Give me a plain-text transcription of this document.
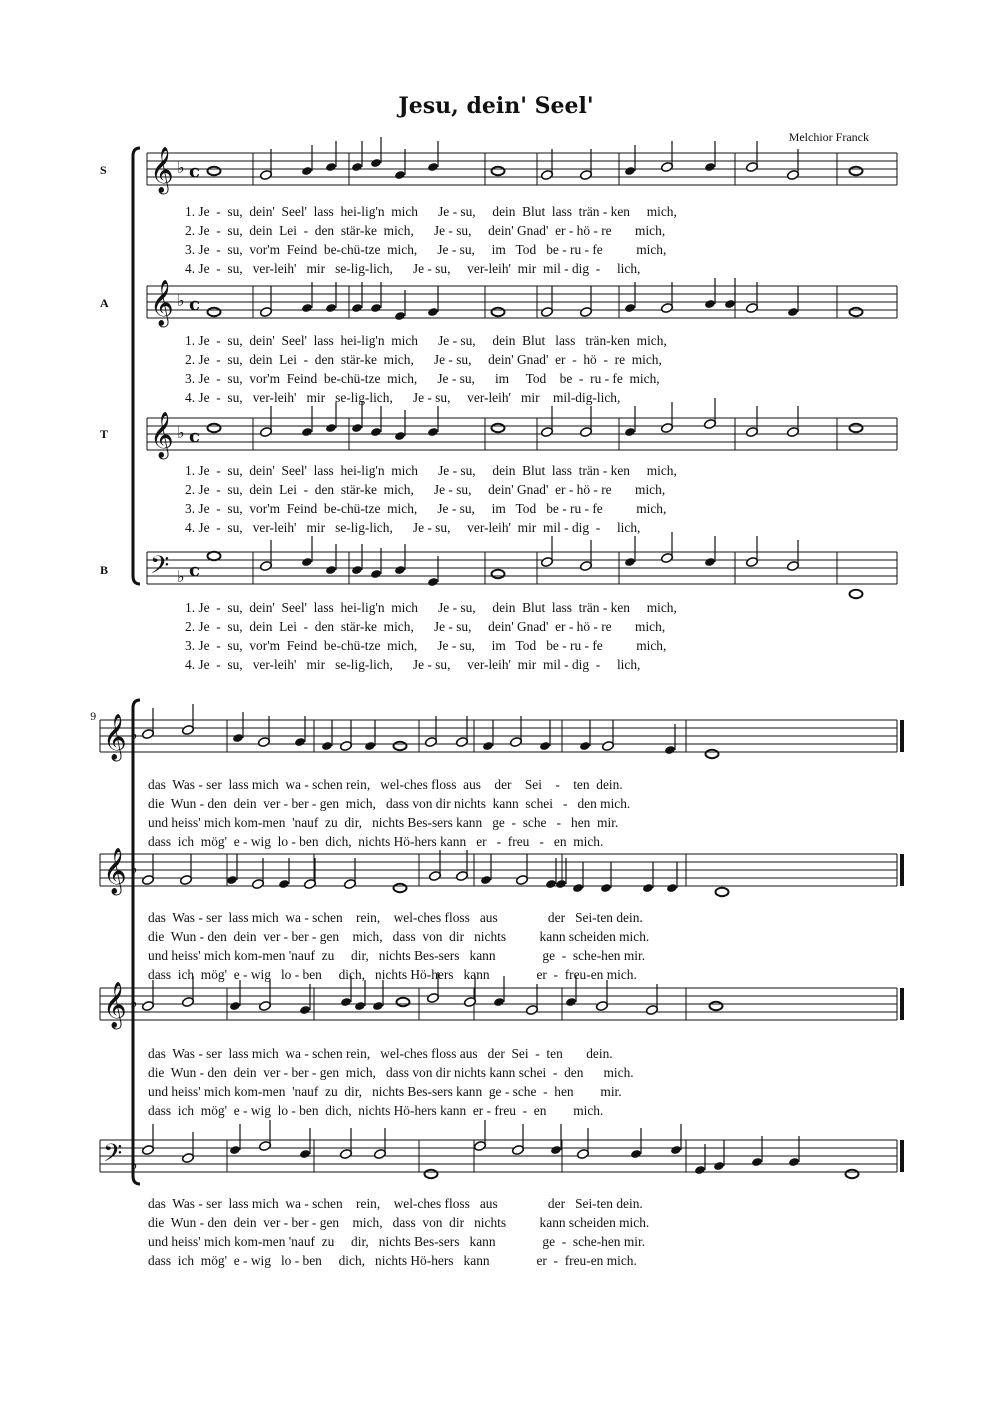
Jesu, dein' Seel'
Melchior Franck
S
A
T
B
𝄞 ♭ c
𝄞 ♭ c
𝄞 ♭ c
𝄢 ♭ c
𝄞 ♭
𝄞 ♭
𝄞 ♭
𝄢 ♭
9
1. Je  -  su,  dein'  Seel'  lass  hei-lig'n  mich      Je - su,     dein  Blut  lass  trän - ken     mich,
2. Je  -  su,  dein  Lei  -  den  stär-ke  mich,      Je - su,     dein' Gnad'  er - hö - re       mich,
3. Je  -  su,  vor'm  Feind  be-chü-tze  mich,      Je - su,     im   Tod   be - ru - fe          mich,
4. Je  -  su,   ver-leih'   mir   se-lig-lich,      Je - su,     ver-leih'  mir  mil - dig  -     lich,
1. Je  -  su,  dein'  Seel'  lass  hei-lig'n  mich      Je - su,     dein  Blut   lass   trän-ken  mich,
2. Je  -  su,  dein  Lei  -  den  stär-ke  mich,      Je - su,     dein' Gnad'  er  -  hö  -  re  mich,
3. Je  -  su,  vor'm  Feind  be-chü-tze  mich,      Je - su,      im     Tod    be  -  ru - fe  mich,
4. Je  -  su,   ver-leih'   mir   se-lig-lich,      Je - su,     ver-leih'   mir    mil-dig-lich,
1. Je  -  su,  dein'  Seel'  lass  hei-lig'n  mich      Je - su,     dein  Blut  lass  trän - ken     mich,
2. Je  -  su,  dein  Lei  -  den  stär-ke  mich,      Je - su,     dein' Gnad'  er - hö - re       mich,
3. Je  -  su,  vor'm  Feind  be-chü-tze  mich,      Je - su,     im   Tod   be - ru - fe          mich,
4. Je  -  su,   ver-leih'   mir   se-lig-lich,      Je - su,     ver-leih'  mir  mil - dig  -     lich,
1. Je  -  su,  dein'  Seel'  lass  hei-lig'n  mich      Je - su,     dein  Blut  lass  trän - ken     mich,
2. Je  -  su,  dein  Lei  -  den  stär-ke  mich,      Je - su,     dein' Gnad'  er - hö - re       mich,
3. Je  -  su,  vor'm  Feind  be-chü-tze  mich,      Je - su,     im   Tod   be - ru - fe          mich,
4. Je  -  su,   ver-leih'   mir   se-lig-lich,      Je - su,     ver-leih'  mir  mil - dig  -     lich,
das  Was - ser  lass mich  wa - schen rein,   wel-ches floss  aus    der    Sei    -    ten  dein.
die  Wun - den  dein  ver - ber - gen  mich,   dass von dir nichts  kann  schei   -   den mich.
und heiss' mich kom-men  'nauf  zu  dir,   nichts Bes-sers kann   ge  -  sche   -   hen  mir.
dass  ich  mög'  e - wig  lo - ben  dich,  nichts Hö-hers kann   er   -  freu   -   en  mich.
das  Was - ser  lass mich  wa - schen    rein,    wel-ches floss   aus               der   Sei-ten dein.
die  Wun - den  dein  ver - ber - gen    mich,   dass  von  dir   nichts          kann scheiden mich.
und heiss' mich kom-men 'nauf  zu     dir,   nichts Bes-sers   kann              ge  -  sche-hen mir.
dass  ich  mög'  e - wig   lo - ben     dich,   nichts Hö-hers   kann              er  -  freu-en mich.
das  Was - ser  lass mich  wa - schen rein,   wel-ches floss aus   der  Sei  -  ten       dein.
die  Wun - den  dein  ver - ber - gen  mich,   dass von dir nichts kann schei  -  den      mich.
und heiss' mich kom-men  'nauf  zu  dir,   nichts Bes-sers kann  ge - sche  -  hen        mir.
dass  ich  mög'  e - wig  lo - ben  dich,  nichts Hö-hers kann  er - freu  -  en        mich.
das  Was - ser  lass mich  wa - schen    rein,    wel-ches floss   aus               der   Sei-ten dein.
die  Wun - den  dein  ver - ber - gen    mich,   dass  von  dir   nichts          kann scheiden mich.
und heiss' mich kom-men 'nauf  zu     dir,   nichts Bes-sers   kann              ge  -  sche-hen mir.
dass  ich  mög'  e - wig   lo - ben     dich,   nichts Hö-hers   kann              er  -  freu-en mich.
